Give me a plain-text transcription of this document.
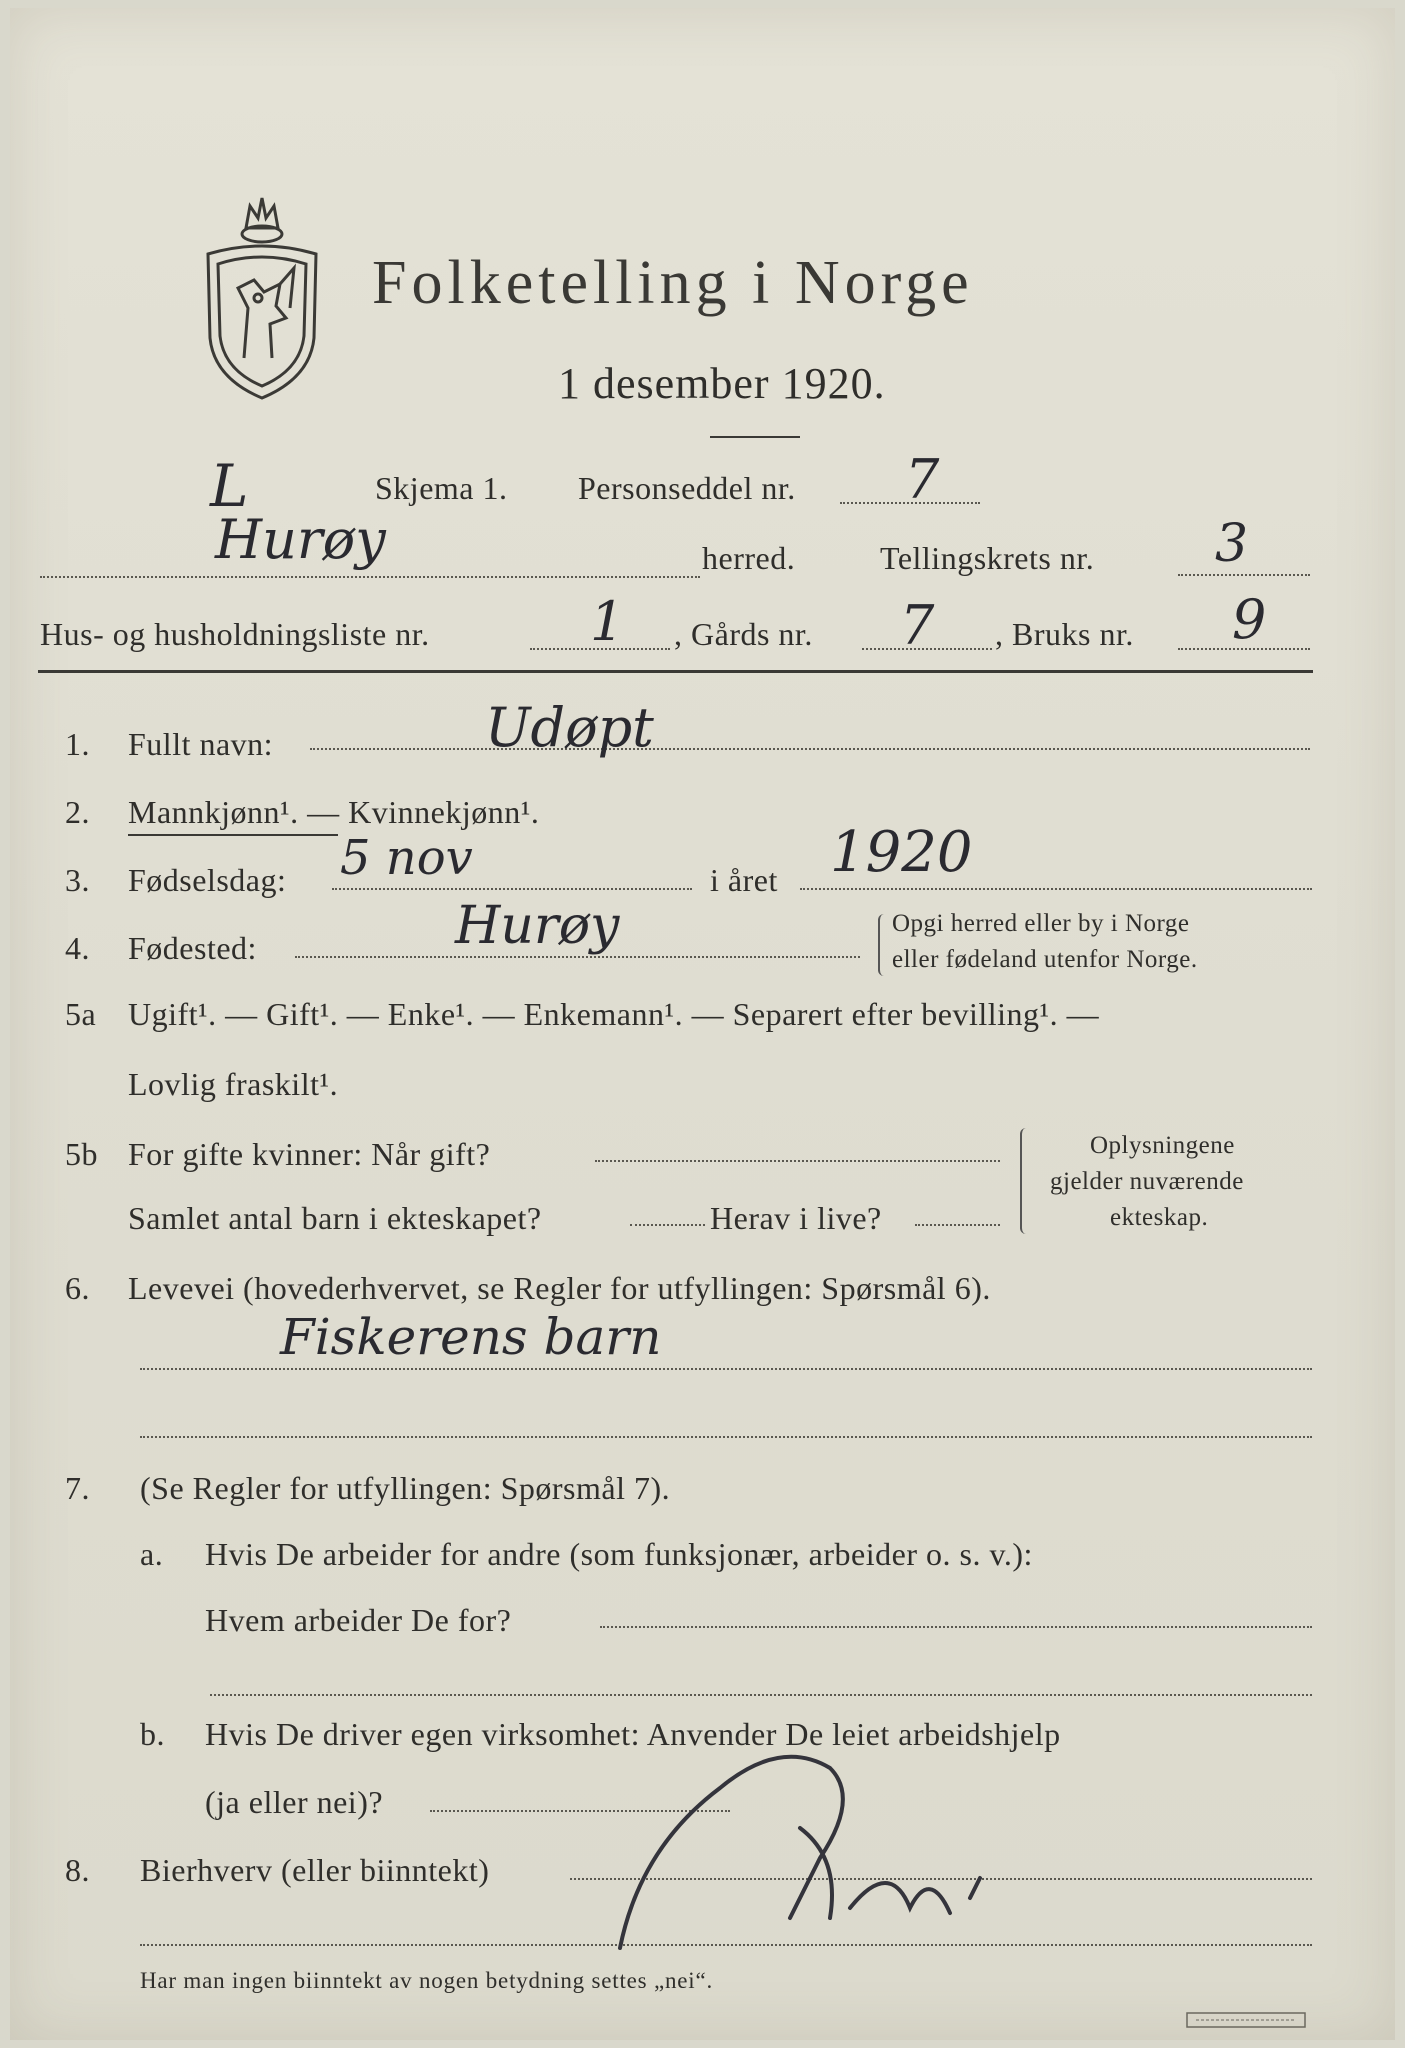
Folketelling i Norge
1 desember 1920.
L	Skjema 1. Personseddel nr. 7
Hurøy	herred.	Tellingskrets nr. 3
Hus- og husholdningsliste nr.	1 , Gårds nr. 7 , Bruks nr. 9
1. Fullt navn:	Udøpt
2. Mannkjønn¹. — Kvinnekjønn¹.
3. Fødselsdag: 5 nov	i året 1920
4. Fødested:	Hurøy	Opgi herred eller by i Norge
eller fødeland utenfor Norge.
5a Ugift¹. — Gift¹. — Enke¹. — Enkemann¹. — Separert efter bevilling¹. —
Lovlig fraskilt¹.
5b For gifte kvinner: Når gift?
Samlet antal barn i ekteskapet?	Herav i live?
Oplysningene
gjelder nuværende
ekteskap.
6. Levevei (hovederhvervet, se Regler for utfyllingen: Spørsmål 6).
Fiskerens barn
7. (Se Regler for utfyllingen: Spørsmål 7).
a. Hvis De arbeider for andre (som funksjonær, arbeider o. s. v.):
Hvem arbeider De for?
b. Hvis De driver egen virksomhet: Anvender De leiet arbeidshjelp
(ja eller nei)?
8. Bierhverv (eller biinntekt)
Har man ingen biinntekt av nogen betydning settes „nei“.
